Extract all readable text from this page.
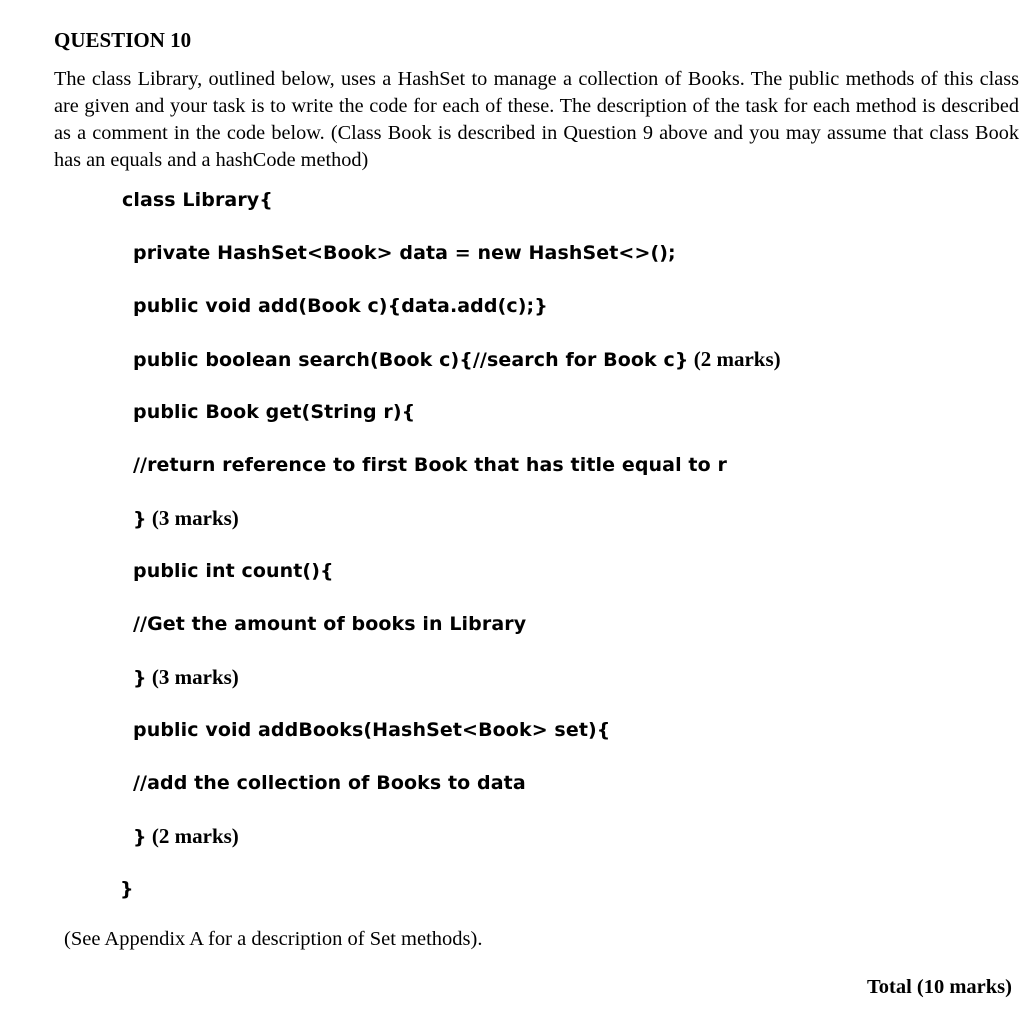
QUESTION 10

The class Library, outlined below, uses a HashSet to manage a collection of Books. The public methods of this class are given and your task is to write the code for each of these. The description of the task for each method is described as a comment in the code below. (Class Book is described in Question 9 above and you may assume that class Book has an equals and a hashCode method)

class Library{

private HashSet<Book> data = new HashSet<>();

public void add(Book c){data.add(c);}

public boolean search(Book c){//search for Book c} (2 marks)

public Book get(String r){

//return reference to first Book that has title equal to r

} (3 marks)

public int count(){

//Get the amount of books in Library

} (3 marks)

public void addBooks(HashSet<Book> set){

//add the collection of Books to data

} (2 marks)

}

(See Appendix A for a description of Set methods).

Total (10 marks)
